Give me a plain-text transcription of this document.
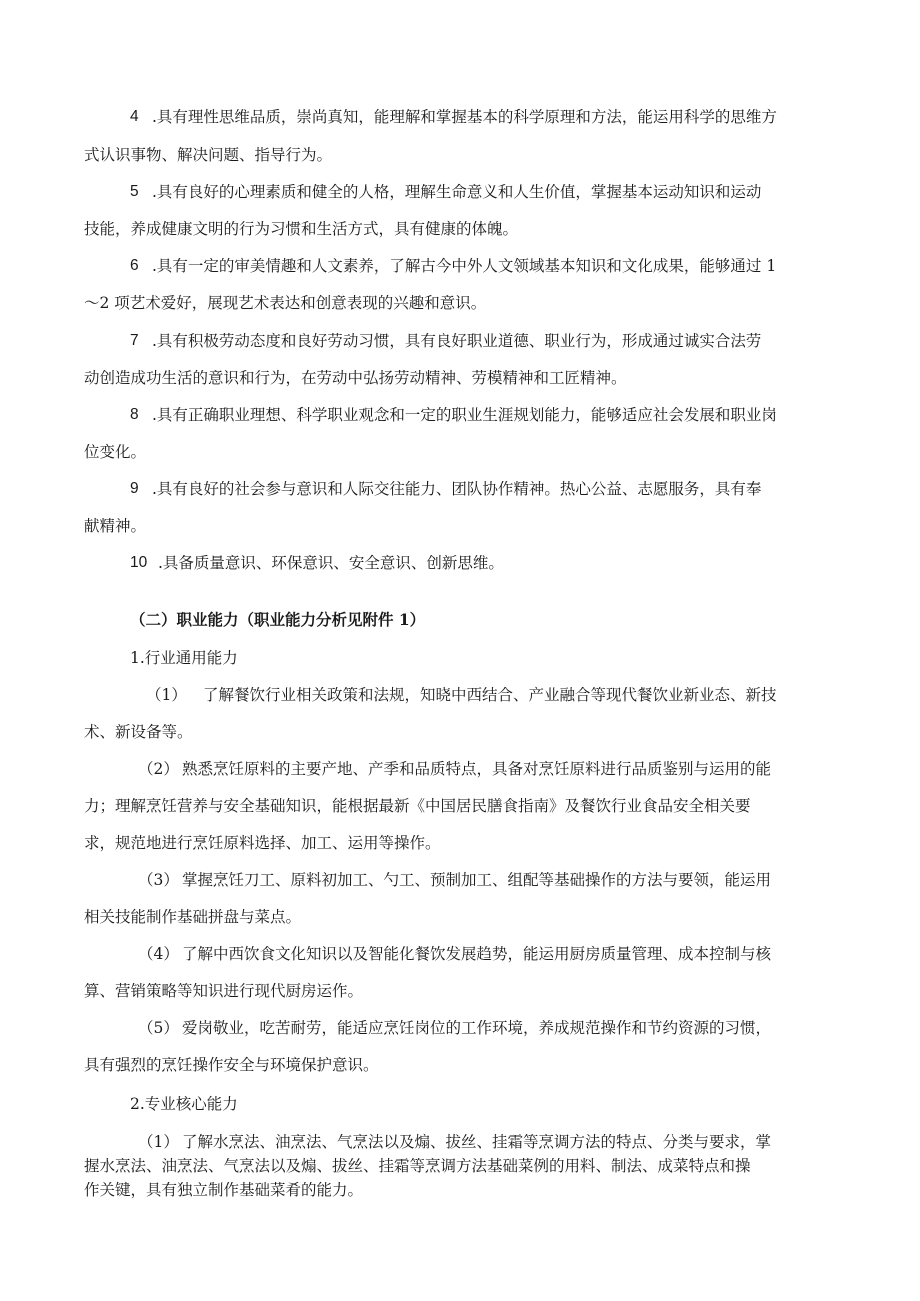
4 .具有理性思维品质，崇尚真知，能理解和掌握基本的科学原理和方法，能运用科学的思维方
式认识事物、解决问题、指导行为。
5 .具有良好的心理素质和健全的人格，理解生命意义和人生价值，掌握基本运动知识和运动
技能，养成健康文明的行为习惯和生活方式，具有健康的体魄。
6 .具有一定的审美情趣和人文素养，了解古今中外人文领域基本知识和文化成果，能够通过 1
～2 项艺术爱好，展现艺术表达和创意表现的兴趣和意识。
7 .具有积极劳动态度和良好劳动习惯，具有良好职业道德、职业行为，形成通过诚实合法劳
动创造成功生活的意识和行为，在劳动中弘扬劳动精神、劳模精神和工匠精神。
8 .具有正确职业理想、科学职业观念和一定的职业生涯规划能力，能够适应社会发展和职业岗
位变化。
9 .具有良好的社会参与意识和人际交往能力、团队协作精神。热心公益、志愿服务，具有奉
献精神。
10 .具备质量意识、环保意识、安全意识、创新思维。
（二）职业能力（职业能力分析见附件 1）
1.行业通用能力
（1） 了解餐饮行业相关政策和法规，知晓中西结合、产业融合等现代餐饮业新业态、新技
术、新设备等。
（2） 熟悉烹饪原料的主要产地、产季和品质特点，具备对烹饪原料进行品质鉴别与运用的能
力；理解烹饪营养与安全基础知识，能根据最新《中国居民膳食指南》及餐饮行业食品安全相关要
求，规范地进行烹饪原料选择、加工、运用等操作。
（3） 掌握烹饪刀工、原料初加工、勺工、预制加工、组配等基础操作的方法与要领，能运用
相关技能制作基础拼盘与菜点。
（4） 了解中西饮食文化知识以及智能化餐饮发展趋势，能运用厨房质量管理、成本控制与核
算、营销策略等知识进行现代厨房运作。
（5） 爱岗敬业，吃苦耐劳，能适应烹饪岗位的工作环境，养成规范操作和节约资源的习惯，
具有强烈的烹饪操作安全与环境保护意识。
2.专业核心能力
（1） 了解水烹法、油烹法、气烹法以及煽、拔丝、挂霜等烹调方法的特点、分类与要求，掌
握水烹法、油烹法、气烹法以及煽、拔丝、挂霜等烹调方法基础菜例的用料、制法、成菜特点和操
作关键，具有独立制作基础菜肴的能力。
